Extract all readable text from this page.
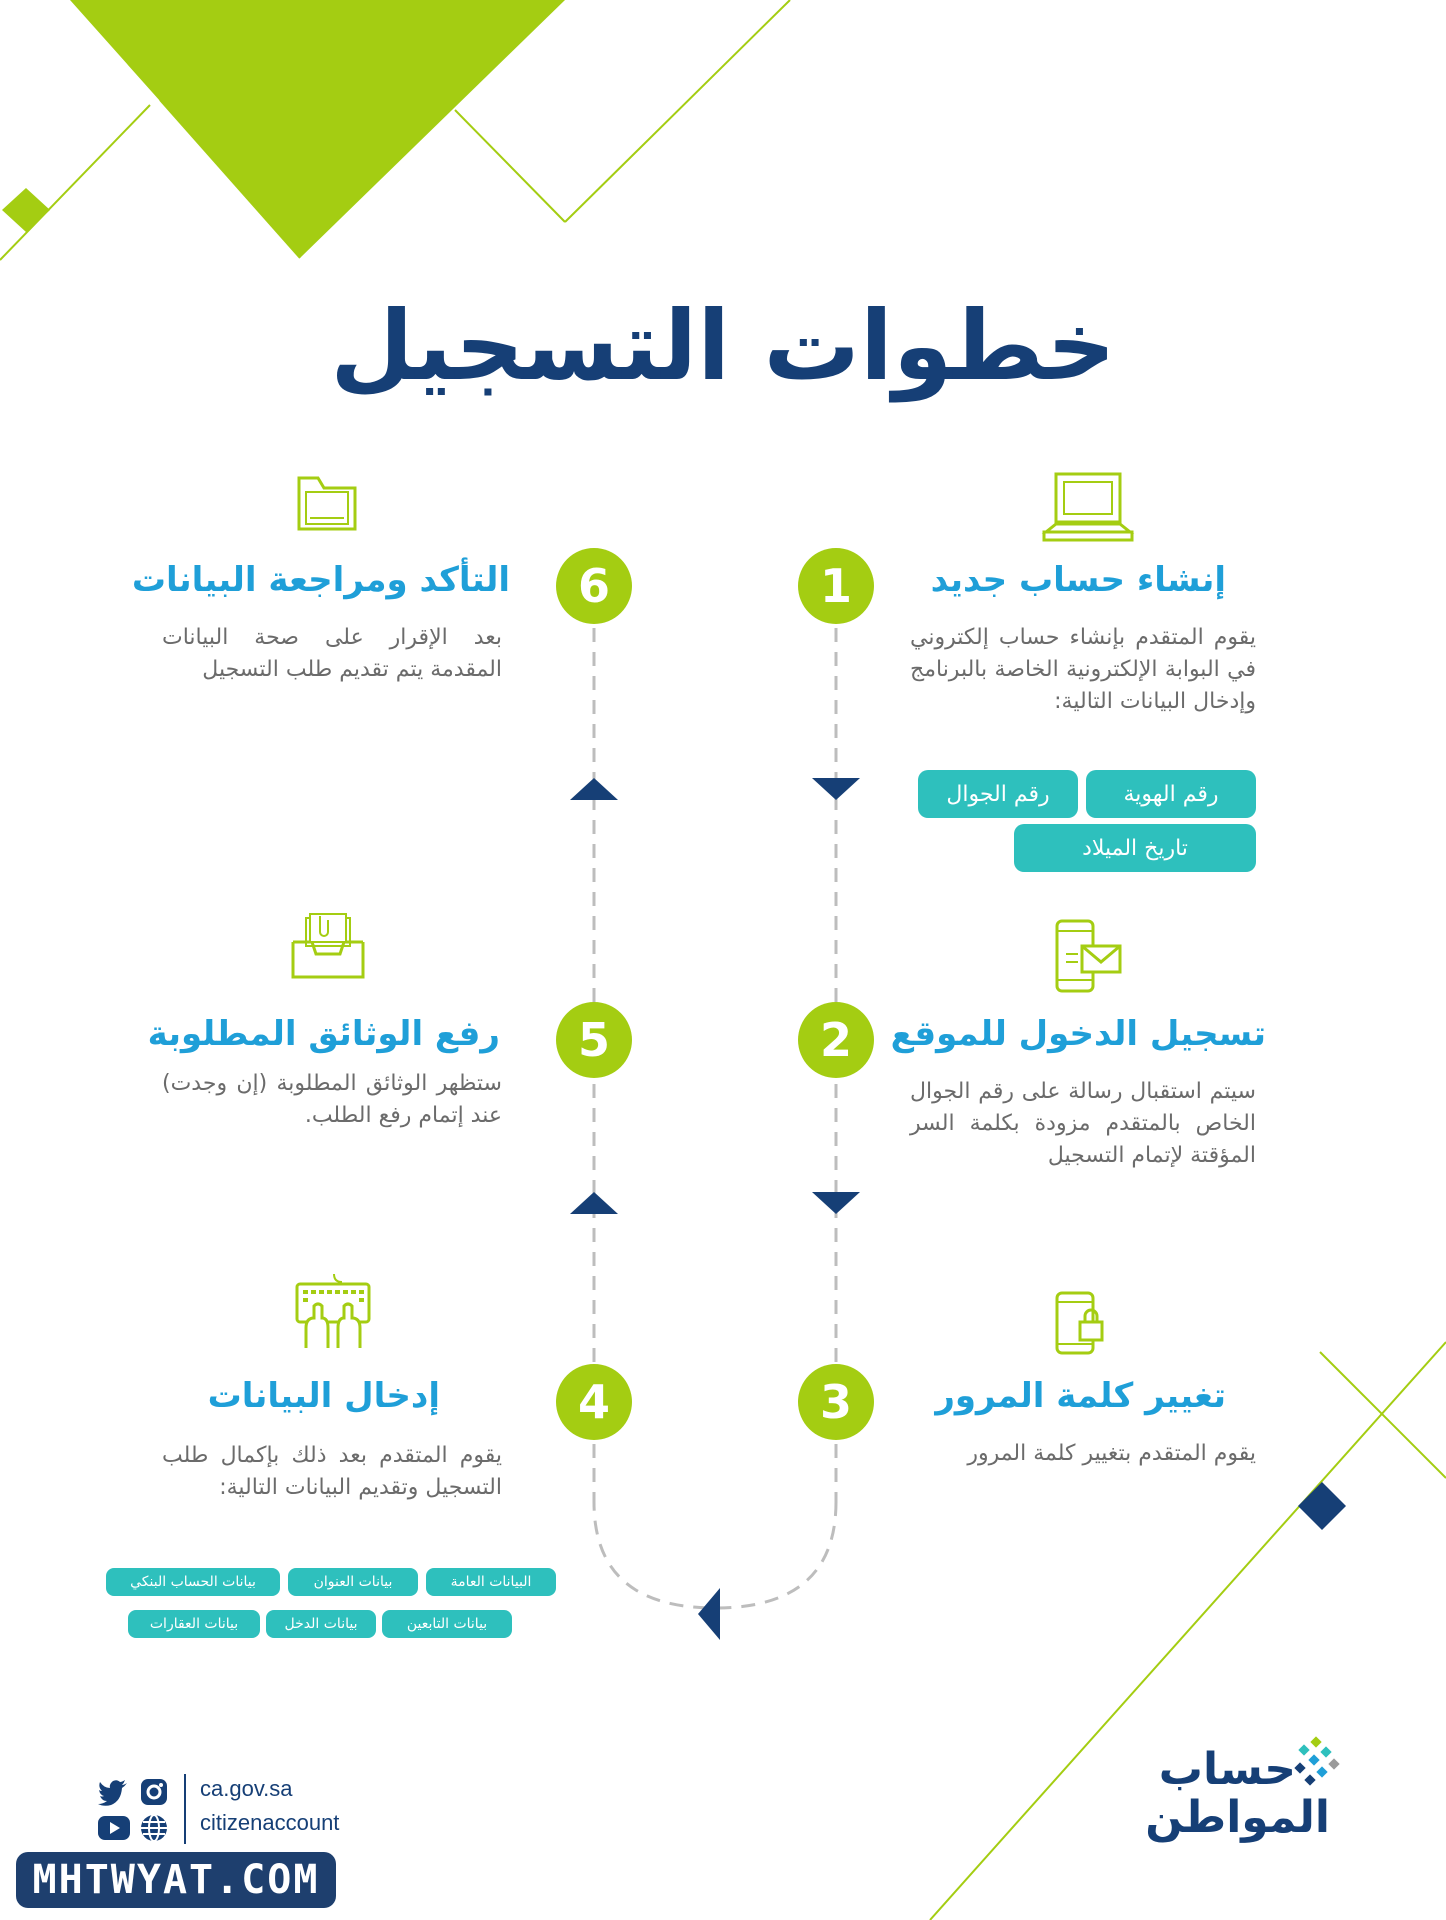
خطوات التسجيل
1	إنشاء حساب جديد
يقوم المتقدم بإنشاء حساب إلكتروني في البوابة الإلكترونية الخاصة بالبرنامج وإدخال البيانات التالية:
رقم الهوية
رقم الجوال
تاريخ الميلاد
2	تسجيل الدخول للموقع
سيتم استقبال رسالة على رقم الجوال الخاص بالمتقدم مزودة بكلمة السر المؤقتة لإتمام التسجيل
3	تغيير كلمة المرور
يقوم المتقدم بتغيير كلمة المرور
6
التأكد ومراجعة البيانات
بعد الإقرار على صحة البيانات المقدمة يتم تقديم طلب التسجيل
5
رفع الوثائق المطلوبة
ستظهر الوثائق المطلوبة (إن وجدت) عند إتمام رفع الطلب.
4
إدخال البيانات
يقوم المتقدم بعد ذلك بإكمال طلب التسجيل وتقديم البيانات التالية:
البيانات العامة
بيانات العنوان
بيانات الحساب البنكي
بيانات التابعين
بيانات الدخل
بيانات العقارات
ca.gov.sa
citizenaccount
حساب
المواطن
MHTWYAT.COM
